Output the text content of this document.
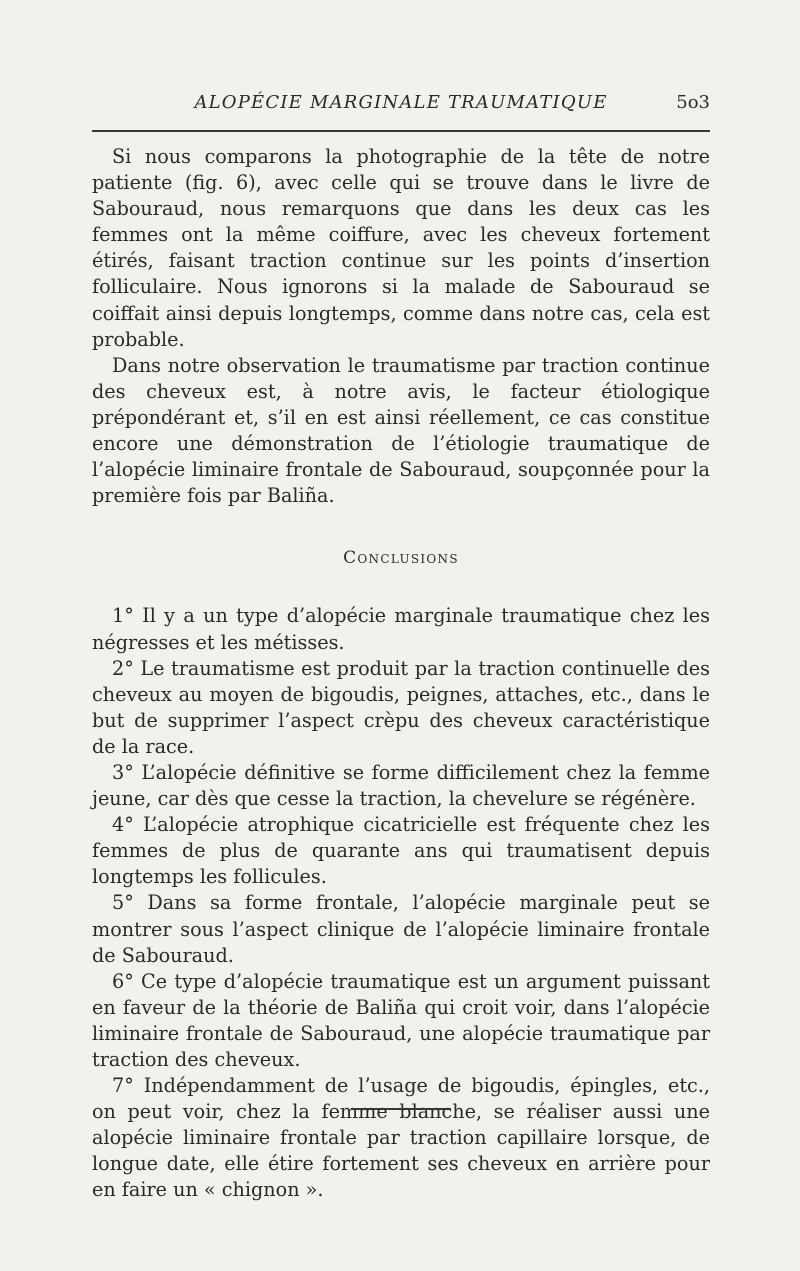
ALOPÉCIE MARGINALE TRAUMATIQUE	5o3

Si nous comparons la photographie de la tête de notre patiente (fig. 6), avec celle qui se trouve dans le livre de Sabouraud, nous remarquons que dans les deux cas les femmes ont la même coiffure, avec les cheveux fortement étirés, faisant traction continue sur les points d’insertion folliculaire. Nous ignorons si la malade de Sabouraud se coiffait ainsi depuis longtemps, comme dans notre cas, cela est probable.

Dans notre observation le traumatisme par traction continue des cheveux est, à notre avis, le facteur étiologique prépondérant et, s’il en est ainsi réellement, ce cas constitue encore une démonstration de l’étiologie traumatique de l’alopécie liminaire frontale de Sabouraud, soupçonnée pour la première fois par Baliña.

Conclusions

1° Il y a un type d’alopécie marginale traumatique chez les négresses et les métisses.

2° Le traumatisme est produit par la traction continuelle des cheveux au moyen de bigoudis, peignes, attaches, etc., dans le but de supprimer l’aspect crèpu des cheveux caractéristique de la race.

3° L’alopécie définitive se forme difficilement chez la femme jeune, car dès que cesse la traction, la chevelure se régénère.

4° L’alopécie atrophique cicatricielle est fréquente chez les femmes de plus de quarante ans qui traumatisent depuis longtemps les follicules.

5° Dans sa forme frontale, l’alopécie marginale peut se montrer sous l’aspect clinique de l’alopécie liminaire frontale de Sabouraud.

6° Ce type d’alopécie traumatique est un argument puissant en faveur de la théorie de Baliña qui croit voir, dans l’alopécie liminaire frontale de Sabouraud, une alopécie traumatique par traction des cheveux.

7° Indépendamment de l’usage de bigoudis, épingles, etc., on peut voir, chez la femme blanche, se réaliser aussi une alopécie liminaire frontale par traction capillaire lorsque, de longue date, elle étire fortement ses cheveux en arrière pour en faire un « chignon ».
